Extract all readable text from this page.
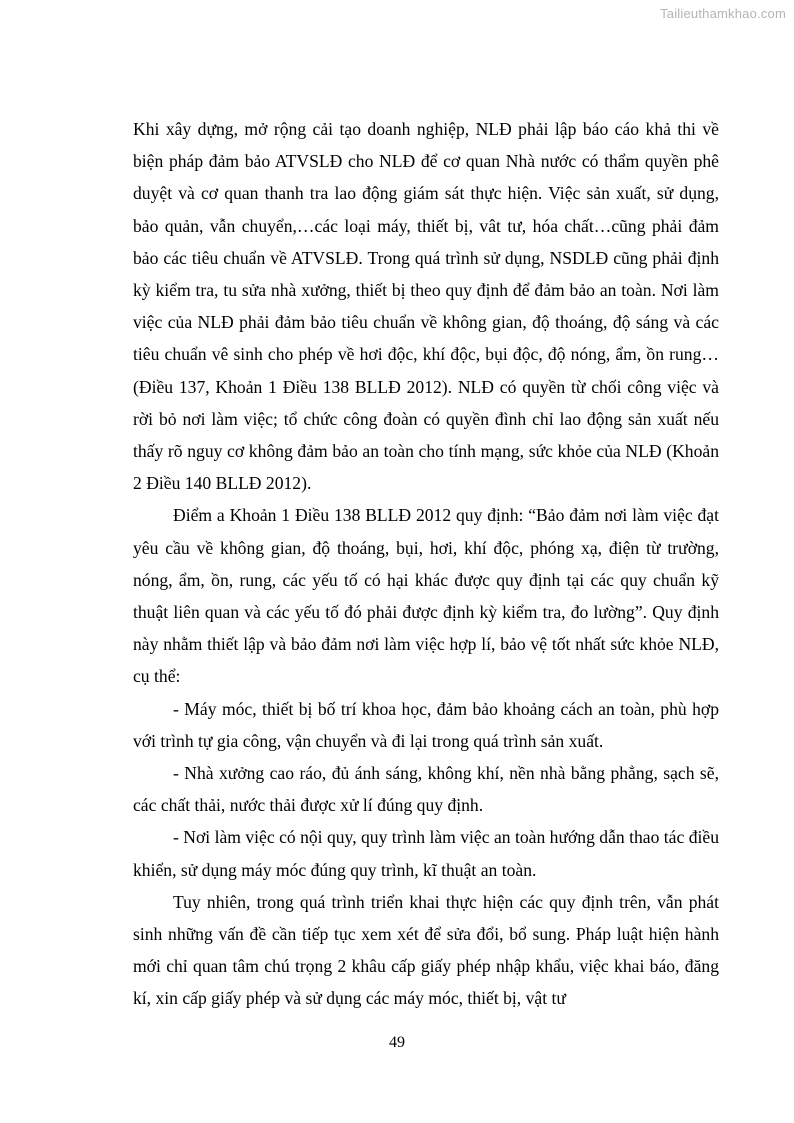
Tailieuthamkhao.com

Khi xây dựng, mở rộng cải tạo doanh nghiệp, NLĐ phải lập báo cáo khả thi về biện pháp đảm bảo ATVSLĐ cho NLĐ để cơ quan Nhà nước có thẩm quyền phê duyệt và cơ quan thanh tra lao động giám sát thực hiện. Việc sản xuất, sử dụng, bảo quản, vẫn chuyển,…các loại máy, thiết bị, vât tư, hóa chất…cũng phải đảm bảo các tiêu chuẩn về ATVSLĐ. Trong quá trình sử dụng, NSDLĐ cũng phải định kỳ kiểm tra, tu sửa nhà xưởng, thiết bị theo quy định để đảm bảo an toàn. Nơi làm việc của NLĐ phải đảm bảo tiêu chuẩn về không gian, độ thoáng, độ sáng và các tiêu chuẩn vê sinh cho phép về hơi độc, khí độc, bụi độc, độ nóng, ẩm, ồn rung…(Điều 137, Khoản 1 Điều 138 BLLĐ 2012). NLĐ có quyền từ chối công việc và rời bỏ nơi làm việc; tổ chức công đoàn có quyền đình chỉ lao động sản xuất nếu thấy rõ nguy cơ không đảm bảo an toàn cho tính mạng, sức khỏe của NLĐ (Khoản 2 Điều 140 BLLĐ 2012).

Điểm a Khoản 1 Điều 138 BLLĐ 2012 quy định: “Bảo đảm nơi làm việc đạt yêu cầu về không gian, độ thoáng, bụi, hơi, khí độc, phóng xạ, điện từ trường, nóng, ẩm, ồn, rung, các yếu tố có hại khác được quy định tại các quy chuẩn kỹ thuật liên quan và các yếu tố đó phải được định kỳ kiểm tra, đo lường”. Quy định này nhằm thiết lập và bảo đảm nơi làm việc hợp lí, bảo vệ tốt nhất sức khỏe NLĐ, cụ thể:

- Máy móc, thiết bị bố trí khoa học, đảm bảo khoảng cách an toàn, phù hợp với trình tự gia công, vận chuyển và đi lại trong quá trình sản xuất.

- Nhà xưởng cao ráo, đủ ánh sáng, không khí, nền nhà bằng phẳng, sạch sẽ, các chất thải, nước thải được xử lí đúng quy định.

- Nơi làm việc có nội quy, quy trình làm việc an toàn hướng dẫn thao tác điều khiển, sử dụng máy móc đúng quy trình, kĩ thuật an toàn.

Tuy nhiên, trong quá trình triển khai thực hiện các quy định trên, vẫn phát sinh những vấn đề cần tiếp tục xem xét để sửa đổi, bổ sung. Pháp luật hiện hành mới chỉ quan tâm chú trọng 2 khâu cấp giấy phép nhập khẩu, việc khai báo, đăng kí, xin cấp giấy phép và sử dụng các máy móc, thiết bị, vật tư

49
